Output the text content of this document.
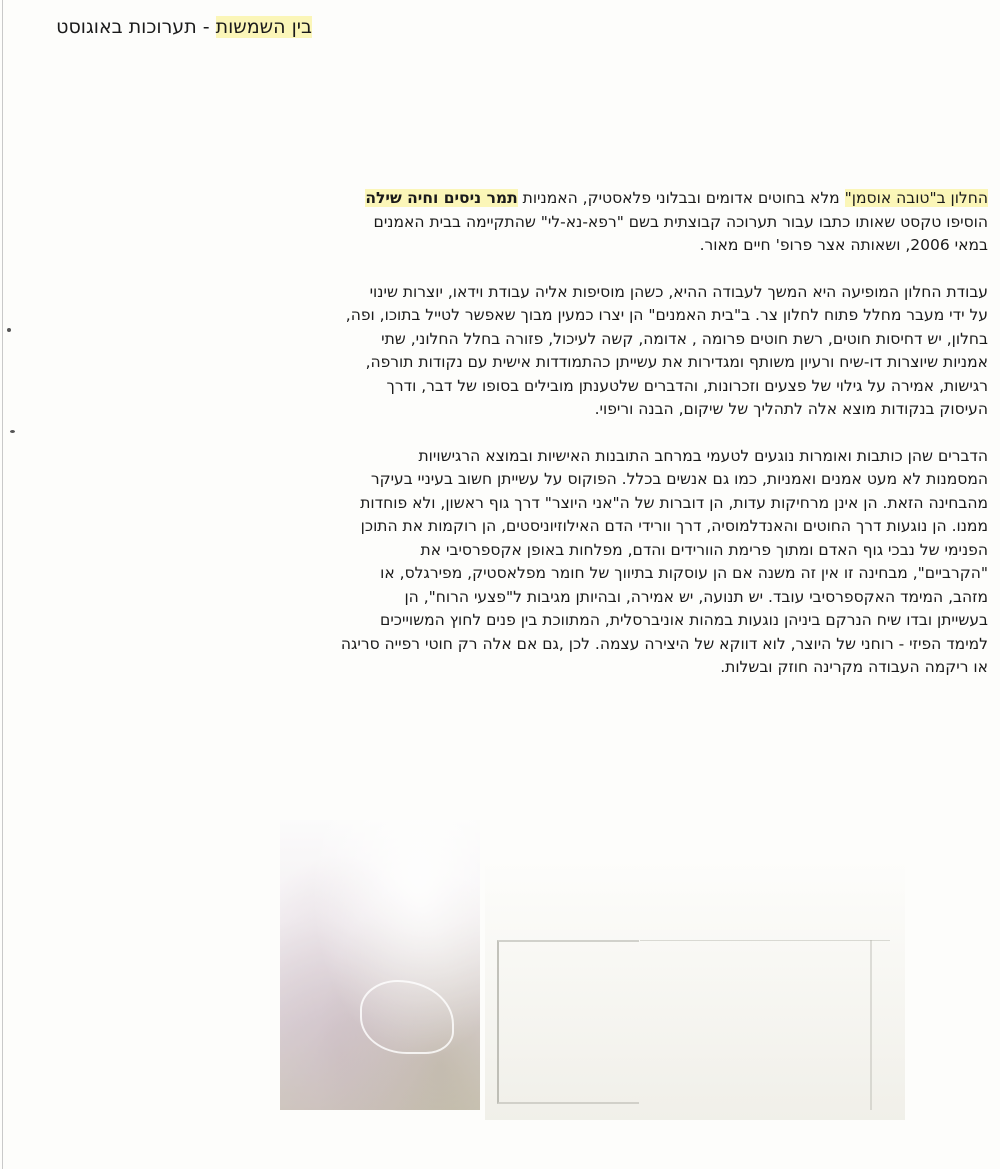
בין השמשות - תערוכות באוגוסט
החלון ב"טובה אוסמן" מלא בחוטים אדומים ובבלוני פלאסטיק, האמניות תמר ניסים וחיה שילה
הוסיפו טקסט שאותו כתבו עבור תערוכה קבוצתית בשם "רפא-נא-לי" שהתקיימה בבית האמנים
במאי 2006, ושאותה אצר פרופ' חיים מאור.
עבודת החלון המופיעה היא המשך לעבודה ההיא, כשהן מוסיפות אליה עבודת וידאו, יוצרות שינוי
על ידי מעבר מחלל פתוח לחלון צר. ב"בית האמנים" הן יצרו כמעין מבוך שאפשר לטייל בתוכו, ופה,
בחלון, יש דחיסות חוטים, רשת חוטים פרומה , אדומה, קשה לעיכול, פזורה בחלל החלוני, שתי
אמניות שיוצרות דו-שיח ורעיון משותף ומגדירות את עשייתן כהתמודדות אישית עם נקודות תורפה,
רגישות, אמירה על גילוי של פצעים וזכרונות, והדברים שלטענתן מובילים בסופו של דבר, ודרך
העיסוק בנקודות מוצא אלה לתהליך של שיקום, הבנה וריפוי.
הדברים שהן כותבות ואומרות נוגעים לטעמי במרחב התובנות האישיות ובמוצא הרגישויות
המסמנות לא מעט אמנים ואמניות, כמו גם אנשים בכלל. הפוקוס על עשייתן חשוב בעיניי בעיקר
מהבחינה הזאת. הן אינן מרחיקות עדות, הן דוברות של ה"אני היוצר" דרך גוף ראשון, ולא פוחדות
ממנו. הן נוגעות דרך החוטים והאנדלמוסיה, דרך וורידי הדם האילוזיוניסטים, הן רוקמות את התוכן
הפנימי של נבכי גוף האדם ומתוך פרימת הוורידים והדם, מפלחות באופן אקספרסיבי את
"הקרביים", מבחינה זו אין זה משנה אם הן עוסקות בתיווך של חומר מפלאסטיק, מפירגלס, או
מזהב, המימד האקספרסיבי עובד. יש תנועה, יש אמירה, ובהיותן מגיבות ל"פצעי הרוח", הן
בעשייתן ובדו שיח הנרקם ביניהן נוגעות במהות אוניברסלית, המתווכת בין פנים לחוץ המשוייכים
למימד הפיזי - רוחני של היוצר, לוא דווקא של היצירה עצמה. לכן ,גם אם אלה רק חוטי רפייה סריגה
או ריקמה העבודה מקרינה חוזק ובשלות.
